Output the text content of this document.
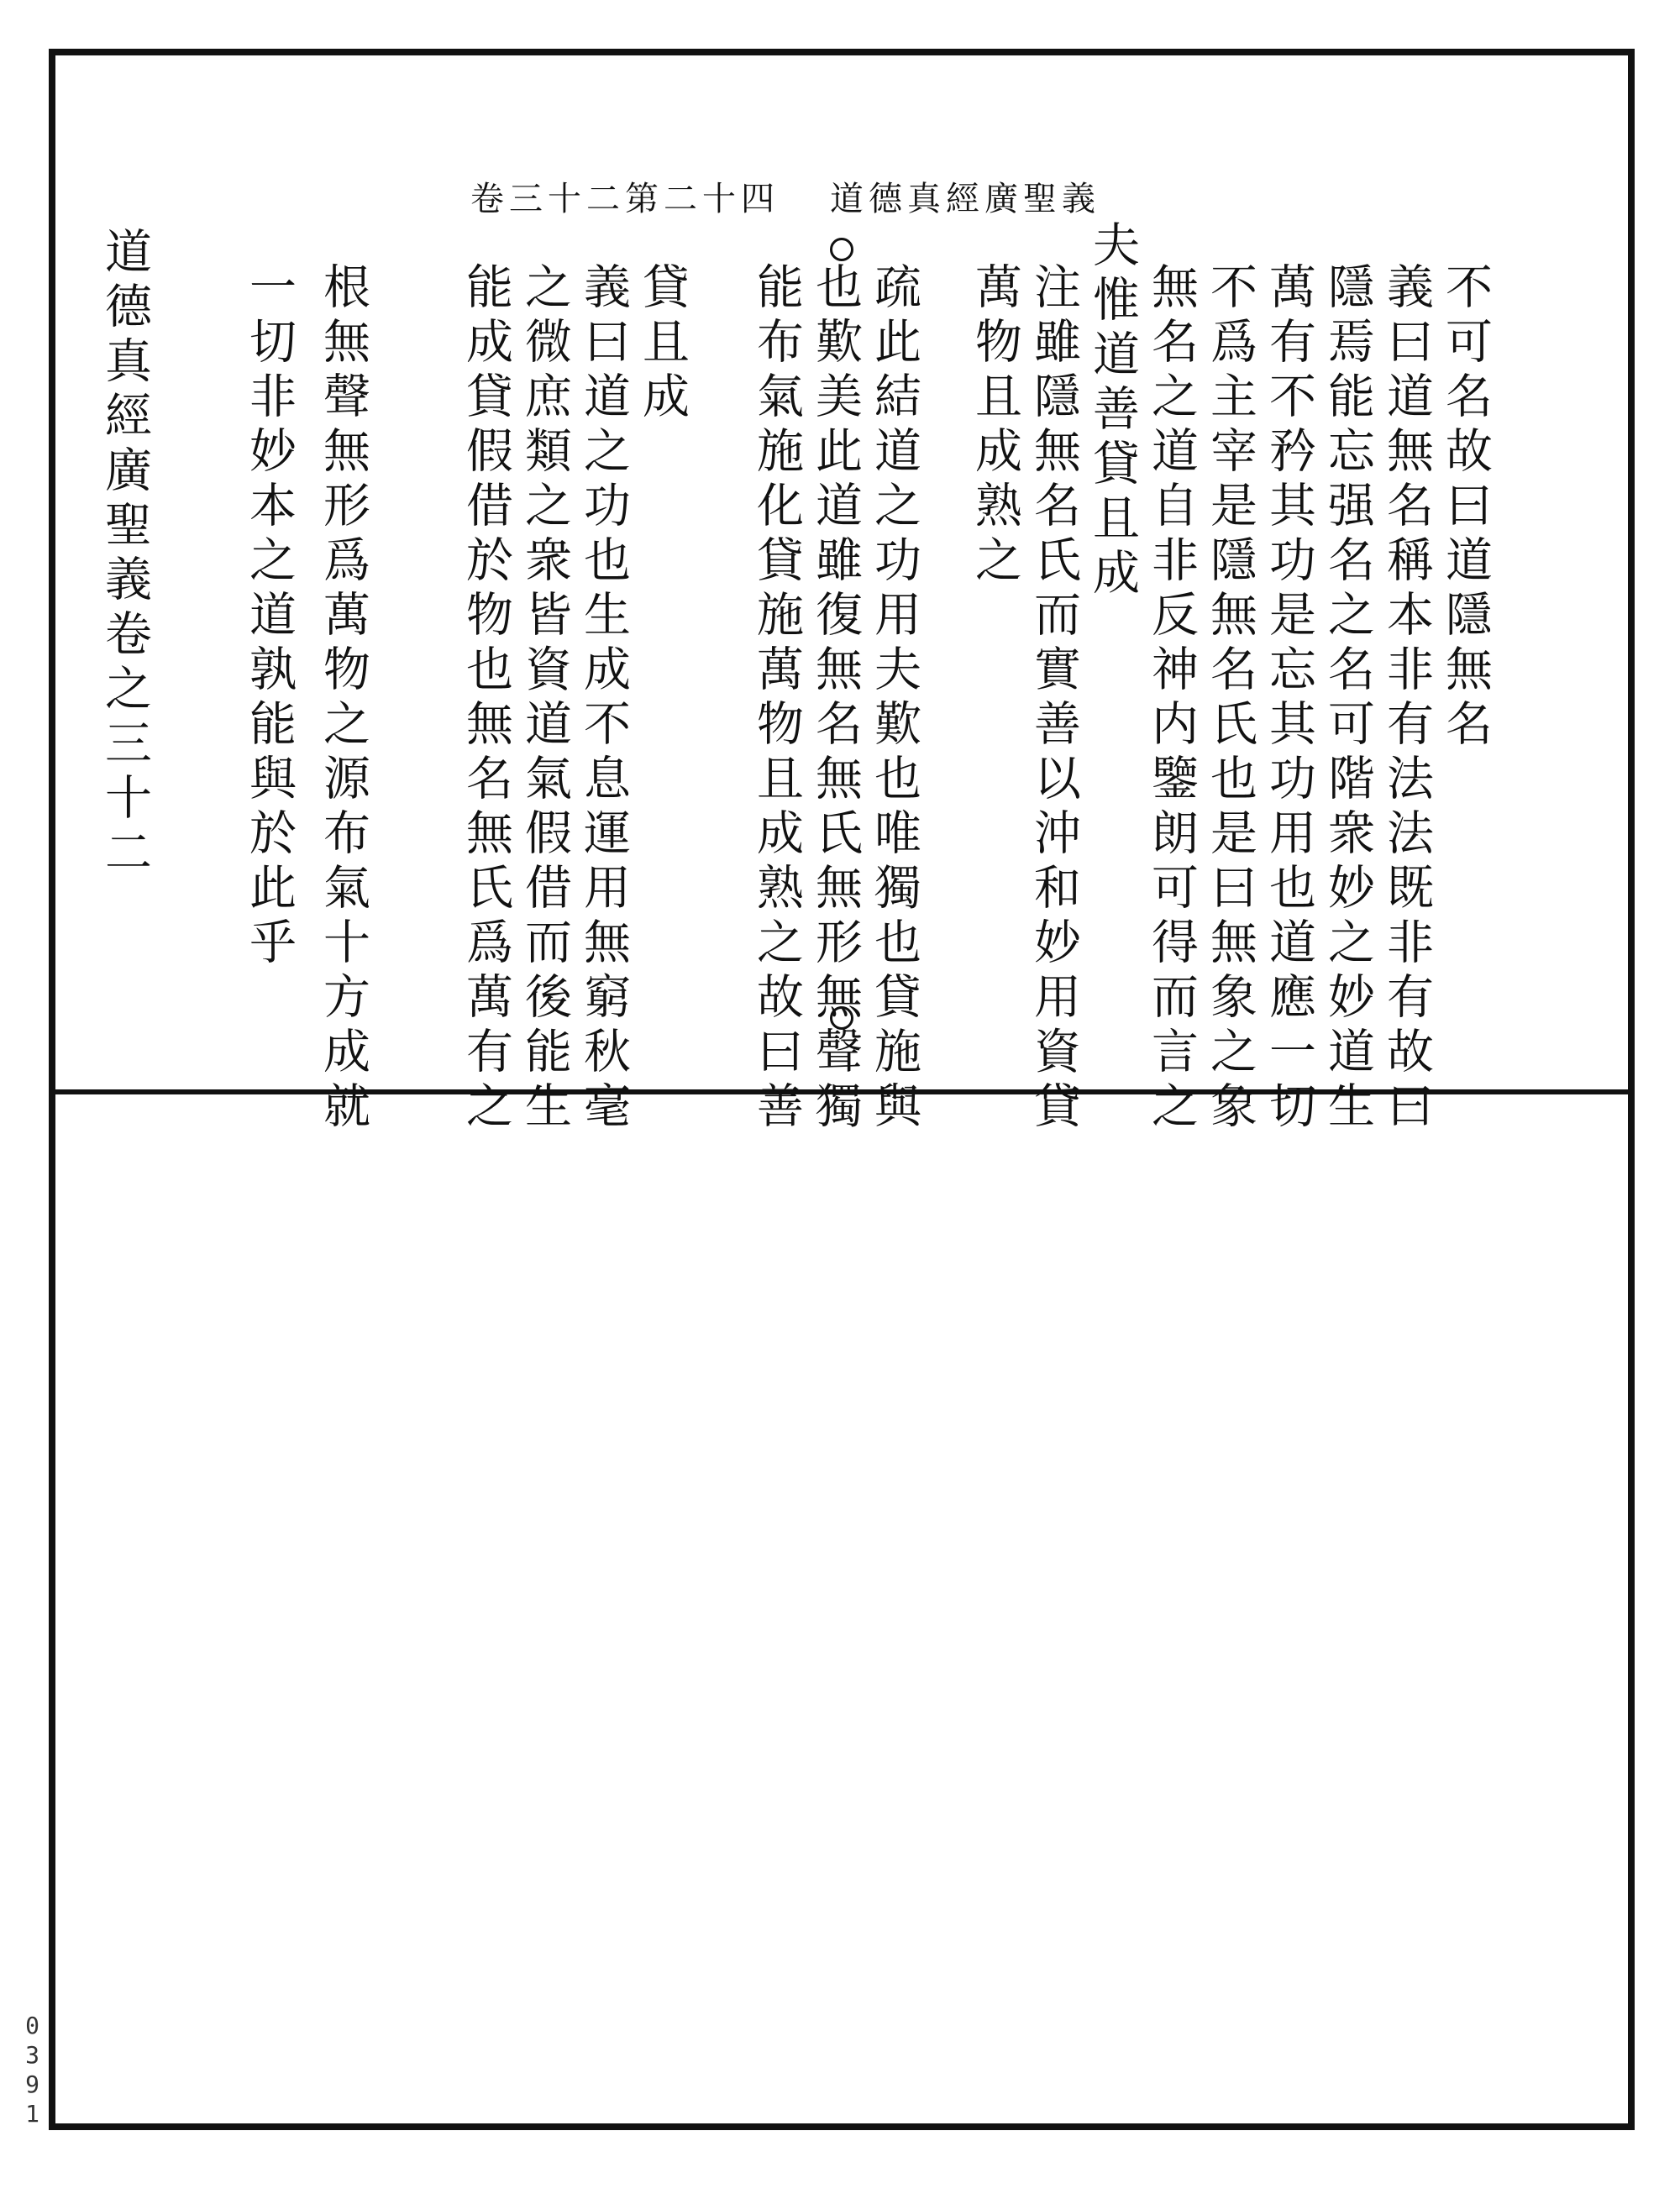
卷三十二第二十四 道德真經廣聖義
不可名故曰道隱無名
義曰道無名稱本非有法法既非有故曰
隱焉能忘强名之名可階衆妙之妙道生
萬有不矜其功是忘其功用也道應一切
不爲主宰是隱無名氏也是曰無象之象
無名之道自非反神内鑒朗可得而言之
夫惟道善貸且成
注雖隱無名氏而實善以沖和妙用資貸
萬物且成熟之
疏此結道之功用夫歎也唯獨也貸施與
也歎美此道雖復無名無氏無形無聲獨
能布氣施化貸施萬物且成熟之故曰善
貸且成
義曰道之功也生成不息運用無窮秋毫
之微庶類之衆皆資道氣假借而後能生
能成貸假借於物也無名無氏爲萬有之
根無聲無形爲萬物之源布氣十方成就
一切非妙本之道孰能與於此乎
道德真經廣聖義卷之三十二
0391
